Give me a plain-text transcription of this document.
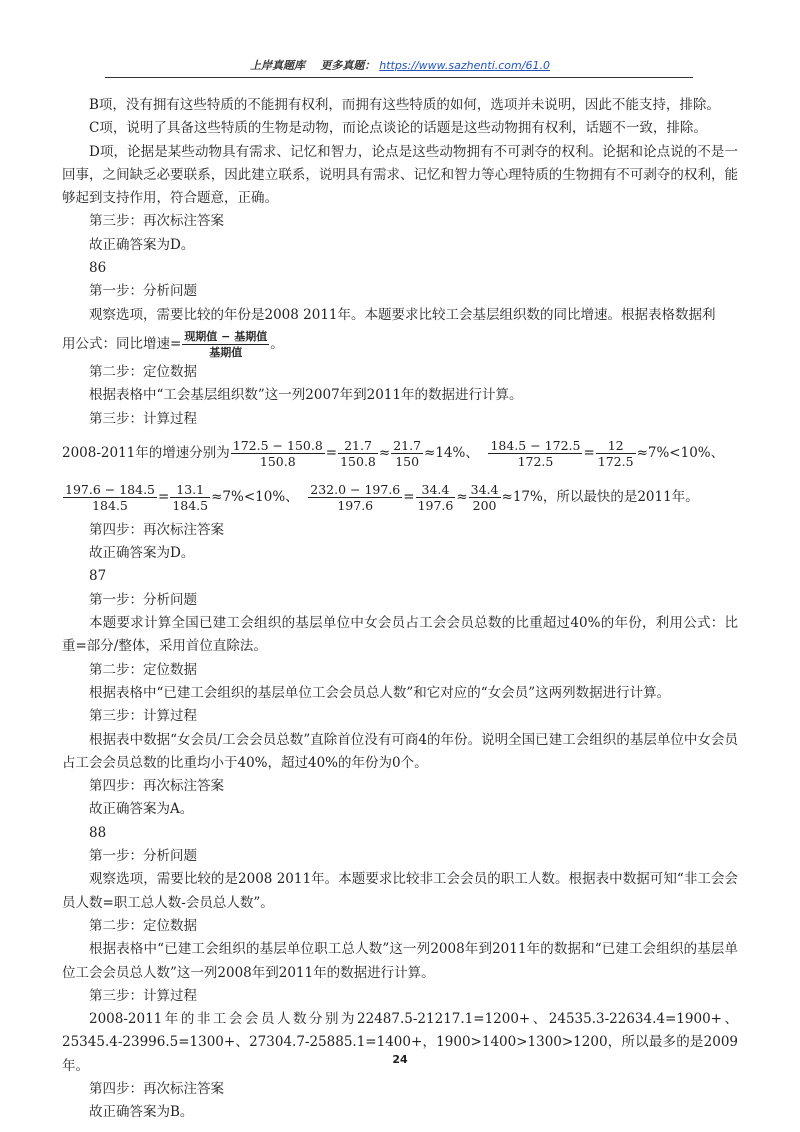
上岸真题库 更多真题： https://www.sazhenti.com/61.0

B项，没有拥有这些特质的不能拥有权利，而拥有这些特质的如何，选项并未说明，因此不能支持，排除。

C项，说明了具备这些特质的生物是动物，而论点谈论的话题是这些动物拥有权利，话题不一致，排除。

D项，论据是某些动物具有需求、记忆和智力，论点是这些动物拥有不可剥夺的权利。论据和论点说的不是一回事，之间缺乏必要联系，因此建立联系，说明具有需求、记忆和智力等心理特质的生物拥有不可剥夺的权利，能够起到支持作用，符合题意，正确。

第三步：再次标注答案

故正确答案为D。

86

第一步：分析问题

观察选项，需要比较的年份是2008 2011年。本题要求比较工会基层组织数的同比增速。根据表格数据利

用公式：同比增速= $\frac{\text{现期值 − 基期值}}{\text{基期值}}$ 。

第二步：定位数据

根据表格中“工会基层组织数”这一列2007年到2011年的数据进行计算。

第三步：计算过程

2008-2011年的增速分别为 $\frac{172.5 - 150.8}{150.8} = \frac{21.7}{150.8} \approx \frac{21.7}{150} \approx 14\%$、 $\frac{184.5 - 172.5}{172.5} = \frac{12}{172.5} \approx 7\%<10\%$、

$\frac{197.6 - 184.5}{184.5} = \frac{13.1}{184.5} \approx 7\%<10\%$、 $\frac{232.0 - 197.6}{197.6} = \frac{34.4}{197.6} \approx \frac{34.4}{200} \approx 17\%$，所以最快的是2011年。

第四步：再次标注答案

故正确答案为D。

87

第一步：分析问题

本题要求计算全国已建工会组织的基层单位中女会员占工会会员总数的比重超过40%的年份，利用公式：比重=部分/整体，采用首位直除法。

第二步：定位数据

根据表格中“已建工会组织的基层单位工会会员总人数”和它对应的“女会员”这两列数据进行计算。

第三步：计算过程

根据表中数据“女会员/工会会员总数”直除首位没有可商4的年份。说明全国已建工会组织的基层单位中女会员占工会会员总数的比重均小于40%，超过40%的年份为0个。

第四步：再次标注答案

故正确答案为A。

88

第一步：分析问题

观察选项，需要比较的是2008 2011年。本题要求比较非工会会员的职工人数。根据表中数据可知“非工会会员人数=职工总人数-会员总人数”。

第二步：定位数据

根据表格中“已建工会组织的基层单位职工总人数”这一列2008年到2011年的数据和“已建工会组织的基层单位工会会员总人数”这一列2008年到2011年的数据进行计算。

第三步：计算过程

2008-2011年的非工会会员人数分别为22487.5-21217.1=1200+、24535.3-22634.4=1900+、25345.4-23996.5=1300+、27304.7-25885.1=1400+，1900>1400>1300>1200，所以最多的是2009年。

第四步：再次标注答案

故正确答案为B。

24
